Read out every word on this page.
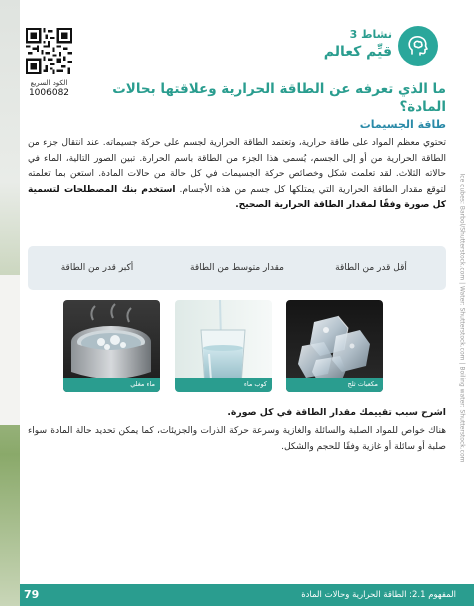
Ice cubes: Barbol/Shutterstock.com | Water: Shutterstock.com | Boiling water: Shutterstock.com
الكود السريع
1006082
نشاط 3
قيِّم كعالم
ما الذي تعرفه عن الطاقة الحرارية وعلاقتها بحالات المادة؟
طاقة الجسيمات
تحتوي معظم المواد على طاقة حرارية، وتعتمد الطاقة الحرارية لجسم على حركة جسيماته. عند انتقال جزء من الطاقة الحرارية من أو إلى الجسم، يُسمى هذا الجزء من الطاقة باسم الحرارة. تبين الصور التالية، الماء في حالاته الثلاث. لقد تعلمت شكل وخصائص حركة الجسيمات في كل حالة من حالات المادة. استعن بما تعلمته لتوقع مقدار الطاقة الحرارية التي يمتلكها كل جسم من هذه الأجسام. استخدم بنك المصطلحات لتسمية كل صورة وفقًا لمقدار الطاقة الحرارية الصحيح.
أقل قدر من الطاقة
مقدار متوسط من الطاقة
أكبر قدر من الطاقة
مكعبات ثلج
كوب ماء
ماء مغلي
اشرح سبب تقييمك مقدار الطاقة في كل صورة.
هناك خواص للمواد الصلبة والسائلة والغازية وسرعة حركة الذرات والجزيئات، كما يمكن تحديد حالة المادة سواء صلبة أو سائلة أو غازية وفقًا للحجم والشكل.
79	المفهوم 2.1: الطاقة الحرارية وحالات المادة
